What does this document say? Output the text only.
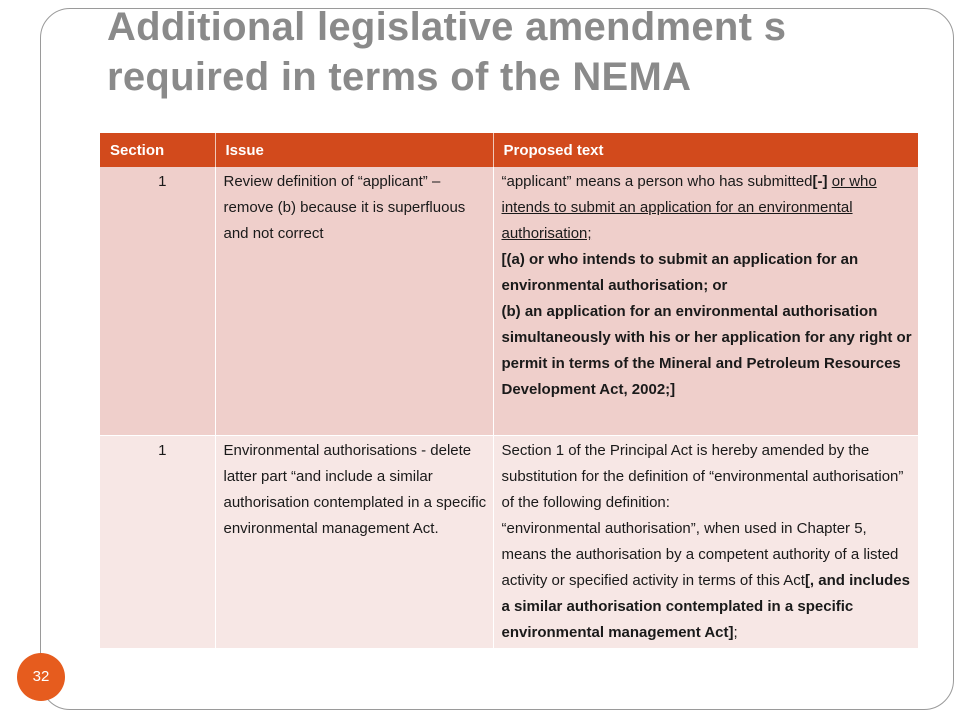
Additional legislative amendment s
required in terms of the NEMA
Section	Issue	Proposed text
1	Review definition of “applicant” – remove (b) because it is superfluous and not correct	“applicant” means a person who has submitted[-] or who intends to submit an application for an environmental authorisation;
[(a) or who intends to submit an application for an environmental authorisation; or
(b) an application for an environmental authorisation simultaneously with his or her application for any right or permit in terms of the Mineral and Petroleum Resources Development Act, 2002;]

1	Environmental authorisations - delete latter part “and include a similar authorisation contemplated in a specific environmental management Act.	Section 1 of the Principal Act is hereby amended by the substitution for the definition of “environmental authorisation” of the following definition:
“environmental authorisation”, when used in Chapter 5, means the authorisation by a competent authority of a listed activity or specified activity in terms of this Act[, and includes a similar authorisation contemplated in a specific environmental management Act];
32
